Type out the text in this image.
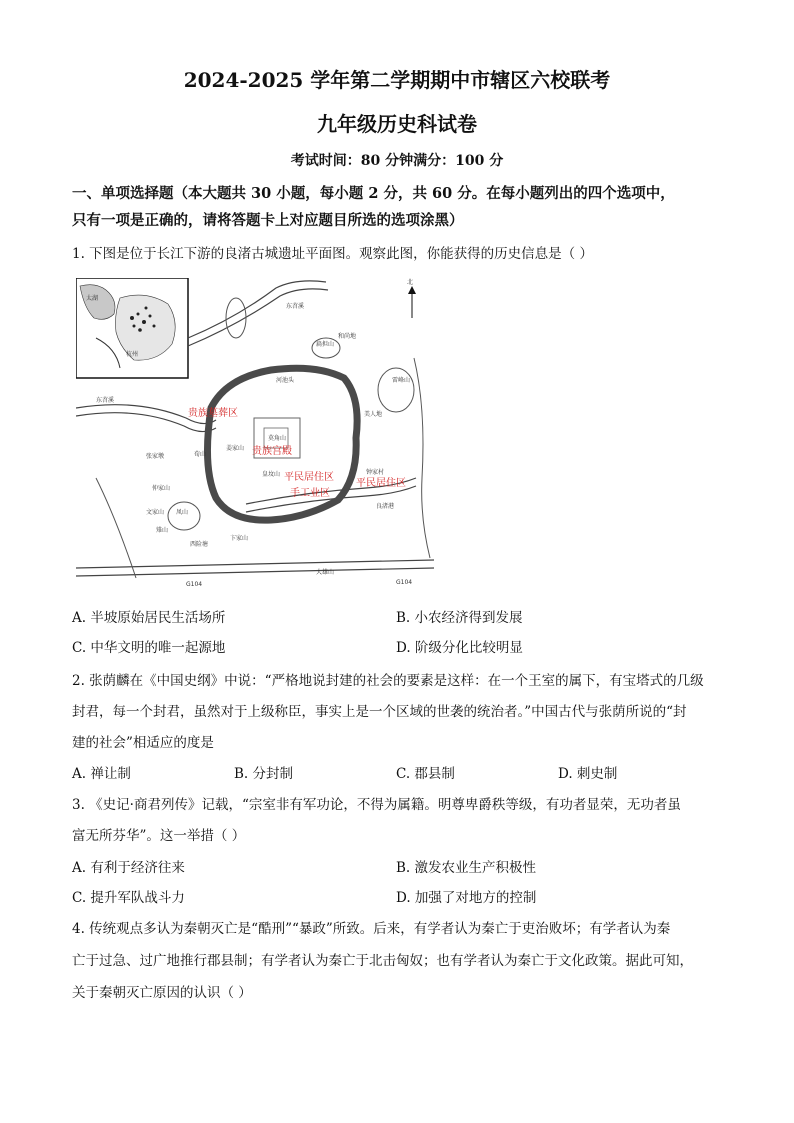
2024-2025 学年第二学期期中市辖区六校联考
九年级历史科试卷
考试时间：80 分钟满分：100 分
一、单项选择题（本大题共 30 小题，每小题 2 分，共 60 分。在每小题列出的四个选项中，
只有一项是正确的，请将答题卡上对应题目所选的选项涂黑）
1. 下图是位于长江下游的良渚古城遗址平面图。观察此图，你能获得的历史信息是（ ）
太湖
杭州
北
贵族墓葬区
贵族宫殿
平民居住区
手工业区
平民居住区
东苕溪
东苕溪
良渚港
莫角山
凤山
G104	G104
张家墩
仲家山
文家山
钟家村
美人地
河池头
扁担山
和尚地
皇坟山
姜家山
雷峰山
卞家山
西险塘
大雄山
荀山
雉山
A. 半坡原始居民生活场所	B. 小农经济得到发展
C. 中华文明的唯一起源地	D. 阶级分化比较明显
2. 张荫麟在《中国史纲》中说：“严格地说封建的社会的要素是这样：在一个王室的属下，有宝塔式的几级
封君，每一个封君，虽然对于上级称臣，事实上是一个区域的世袭的统治者。”中国古代与张荫所说的“封
建的社会”相适应的度是
A. 禅让制	B. 分封制	C. 郡县制	D. 刺史制
3. 《史记·商君列传》记载，“宗室非有军功论，不得为属籍。明尊卑爵秩等级，有功者显荣，无功者虽
富无所芬华”。这一举措（ ）
A. 有利于经济往来	B. 激发农业生产积极性
C. 提升军队战斗力	D. 加强了对地方的控制
4. 传统观点多认为秦朝灭亡是“酷刑”“暴政”所致。后来，有学者认为秦亡于吏治败坏；有学者认为秦
亡于过急、过广地推行郡县制；有学者认为秦亡于北击匈奴；也有学者认为秦亡于文化政策。据此可知，
关于秦朝灭亡原因的认识（ ）
